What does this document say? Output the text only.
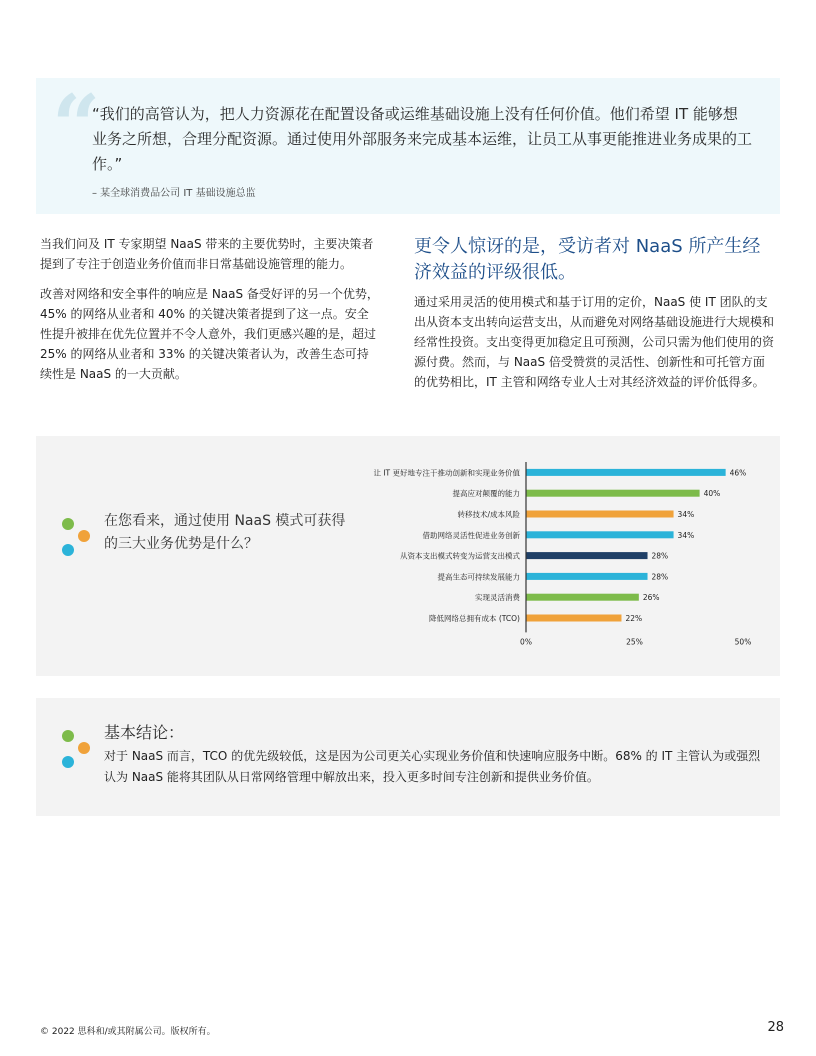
“
“我们的高管认为，把人力资源花在配置设备或运维基础设施上没有任何价值。他们希望 IT 能够想业务之所想，合理分配资源。通过使用外部服务来完成基本运维，让员工从事更能推进业务成果的工作。”
– 某全球消费品公司 IT 基础设施总监

当我们问及 IT 专家期望 NaaS 带来的主要优势时，主要决策者提到了专注于创造业务价值而非日常基础设施管理的能力。

改善对网络和安全事件的响应是 NaaS 备受好评的另一个优势，45% 的网络从业者和 40% 的关键决策者提到了这一点。安全性提升被排在优先位置并不令人意外，我们更感兴趣的是，超过 25% 的网络从业者和 33% 的关键决策者认为，改善生态可持续性是 NaaS 的一大贡献。

更令人惊讶的是，受访者对 NaaS 所产生经济效益的评级很低。

通过采用灵活的使用模式和基于订用的定价，NaaS 使 IT 团队的支出从资本支出转向运营支出，从而避免对网络基础设施进行大规模和经常性投资。支出变得更加稳定且可预测，公司只需为他们使用的资源付费。然而，与 NaaS 倍受赞赏的灵活性、创新性和可托管方面的优势相比，IT 主管和网络专业人士对其经济效益的评价低得多。

在您看来，通过使用 NaaS 模式可获得的三大业务优势是什么？
让 IT 更好地专注于推动创新和实现业务价值	46%
提高应对颠覆的能力	40%
转移技术/成本风险	34%
借助网络灵活性促进业务创新	34%
从资本支出模式转变为运营支出模式	28%
提高生态可持续发展能力	28%
实现灵活消费	26%
降低网络总拥有成本 (TCO)	22%
0%	25%	50%
基本结论：
对于 NaaS 而言，TCO 的优先级较低，这是因为公司更关心实现业务价值和快速响应服务中断。68% 的 IT 主管认为或强烈认为 NaaS 能将其团队从日常网络管理中解放出来，投入更多时间专注创新和提供业务价值。
© 2022 思科和/或其附属公司。版权所有。	28
